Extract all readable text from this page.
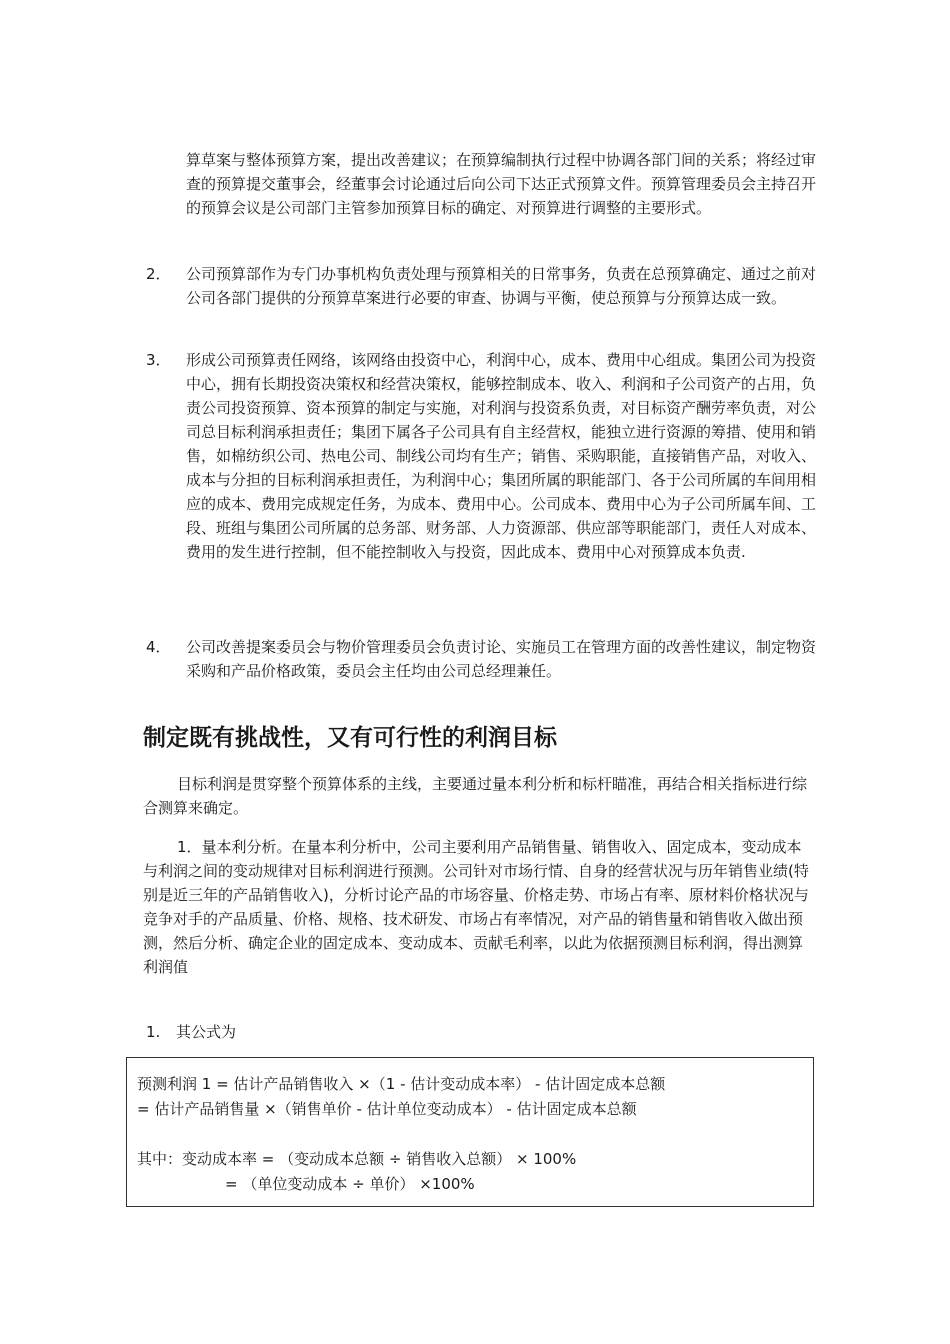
算草案与整体预算方案，提出改善建议；在预算编制执行过程中协调各部门间的关系；将经过审查的预算提交董事会，经董事会讨论通过后向公司下达正式预算文件。预算管理委员会主持召开的预算会议是公司部门主管参加预算目标的确定、对预算进行调整的主要形式。
2． 公司预算部作为专门办事机构负责处理与预算相关的日常事务，负责在总预算确定、通过之前对公司各部门提供的分预算草案进行必要的审查、协调与平衡，使总预算与分预算达成一致。
3． 形成公司预算责任网络，该网络由投资中心，利润中心，成本、费用中心组成。集团公司为投资中心，拥有长期投资决策权和经营决策权，能够控制成本、收入、利润和子公司资产的占用，负责公司投资预算、资本预算的制定与实施，对利润与投资系负责，对目标资产酬劳率负责，对公司总目标利润承担责任；集团下属各子公司具有自主经营权，能独立进行资源的筹措、使用和销售，如棉纺织公司、热电公司、制线公司均有生产；销售、采购职能，直接销售产品，对收入、成本与分担的目标利润承担责任，为利润中心；集团所属的职能部门、各于公司所属的车间用相应的成本、费用完成规定任务，为成本、费用中心。公司成本、费用中心为子公司所属车间、工段、班组与集团公司所属的总务部、财务部、人力资源部、供应部等职能部门，责任人对成本、费用的发生进行控制，但不能控制收入与投资，因此成本、费用中心对预算成本负责.
4． 公司改善提案委员会与物价管理委员会负责讨论、实施员工在管理方面的改善性建议，制定物资采购和产品价格政策，委员会主任均由公司总经理兼任。
制定既有挑战性，又有可行性的利润目标
目标利润是贯穿整个预算体系的主线，主要通过量本利分析和标杆瞄准，再结合相关指标进行综合测算来确定。
1．量本利分析。在量本利分析中，公司主要利用产品销售量、销售收入、固定成本，变动成本与利润之间的变动规律对目标利润进行预测。公司针对市场行情、自身的经营状况与历年销售业绩(特别是近三年的产品销售收入)，分析讨论产品的市场容量、价格走势、市场占有率、原材料价格状况与竞争对手的产品质量、价格、规格、技术研发、市场占有率情况，对产品的销售量和销售收入做出预测，然后分析、确定企业的固定成本、变动成本、贡献毛利率，以此为依据预测目标利润，得出测算利润值
1. 其公式为
预测利润 1 = 估计产品销售收入 ×（1 - 估计变动成本率） - 估计固定成本总额
= 估计产品销售量 ×（销售单价 - 估计单位变动成本） - 估计固定成本总额
其中：变动成本率 = （变动成本总额 ÷ 销售收入总额） × 100%
= （单位变动成本 ÷ 单价） ×100%
